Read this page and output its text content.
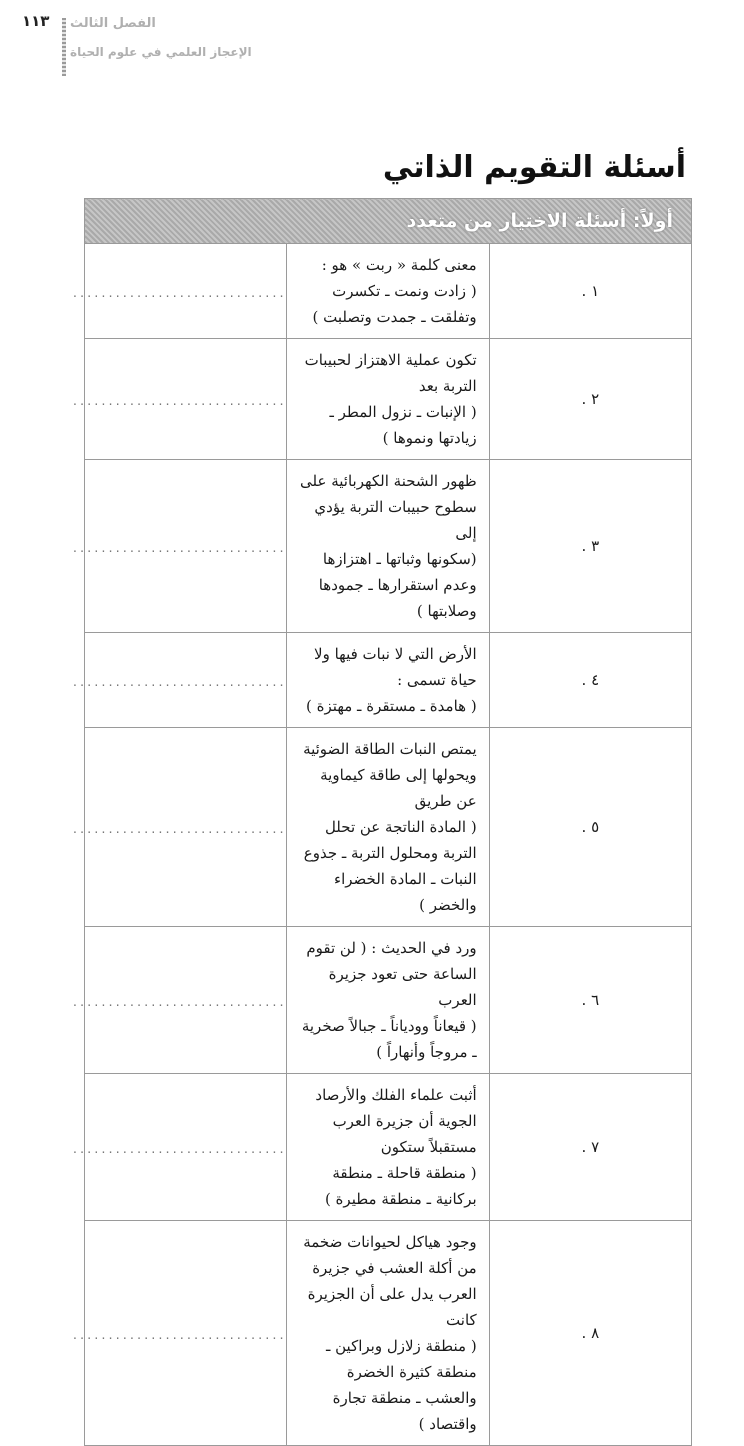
١١٣ الفصل الثالث
الإعجاز العلمي في علوم الحياة
أسئلة التقويم الذاتي
أولاً: أسئلة الاختيار من متعدد		
١ .	معنى كلمة « ربت » هو :
( زادت ونمت ـ تكسرت وتفلقت ـ جمدت وتصلبت )	..............................
٢ .	تكون عملية الاهتزاز لحبيبات التربة بعد
( الإنبات ـ نزول المطر ـ زيادتها ونموها )	..............................
٣ .	ظهور الشحنة الكهربائية على سطوح حبيبات التربة يؤدي إلى
(سكونها وثباتها ـ اهتزازها وعدم استقرارها ـ جمودها وصلابتها )	..............................
٤ .	الأرض التي لا نبات فيها ولا حياة تسمى :
( هامدة ـ مستقرة ـ مهتزة )	..............................
٥ .	يمتص النبات الطاقة الضوئية ويحولها إلى طاقة كيماوية عن طريق
( المادة الناتجة عن تحلل التربة ومحلول التربة ـ جذوع النبات ـ المادة الخضراء والخضر )	..............................
٦ .	ورد في الحديث : ( لن تقوم الساعة حتى تعود جزيرة العرب
( قيعاناً وودياناً ـ جبالاً صخرية ـ مروجاً وأنهاراً )	..............................
٧ .	أثبت علماء الفلك والأرصاد الجوية أن جزيرة العرب مستقبلاً ستكون
( منطقة قاحلة ـ منطقة بركانية ـ منطقة مطيرة )	..............................
٨ .	وجود هياكل لحيوانات ضخمة من أكلة العشب في جزيرة العرب يدل على أن الجزيرة كانت
( منطقة زلازل وبراكين ـ منطقة كثيرة الخضرة والعشب ـ منطقة تجارة واقتصاد )	..............................
